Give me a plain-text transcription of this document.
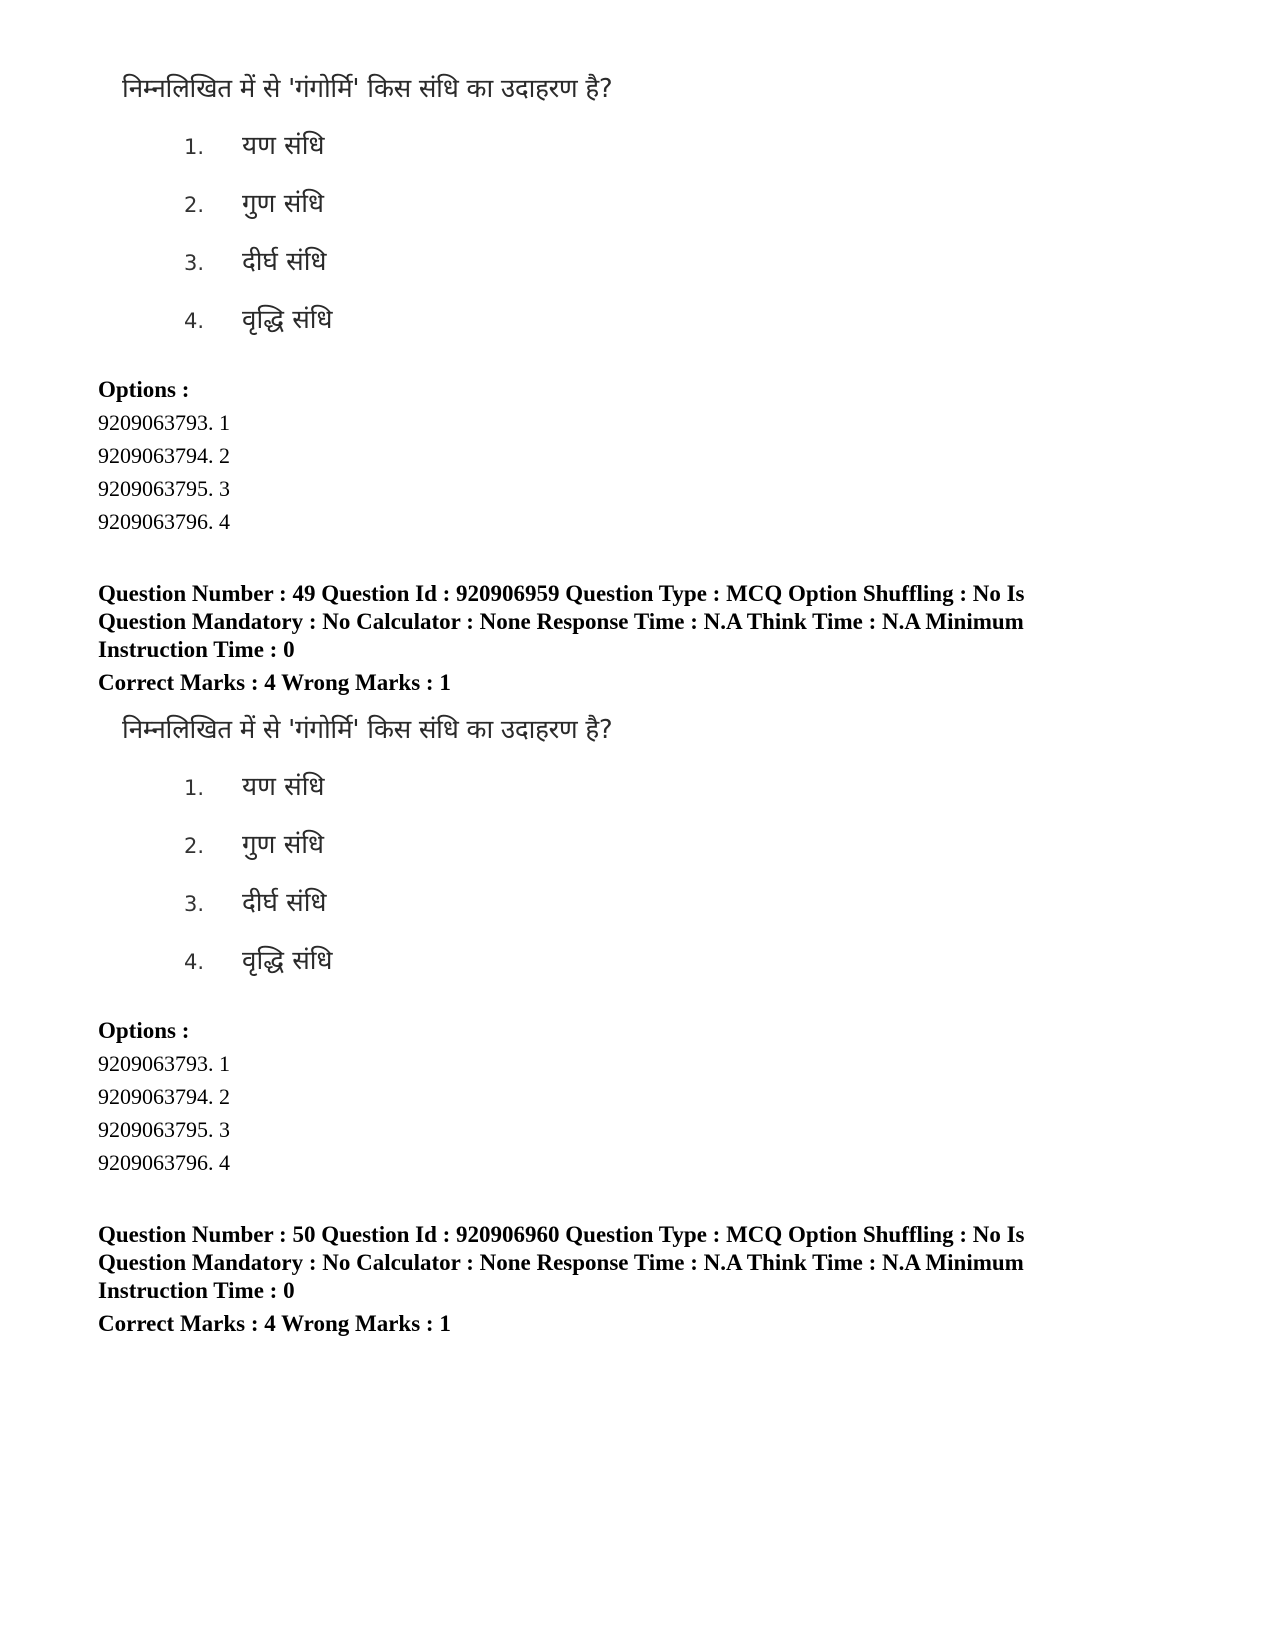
निम्नलिखित में से 'गंगोर्मि' किस संधि का उदाहरण है?
1.	यण संधि
2.	गुण संधि
3.	दीर्घ संधि
4.	वृद्धि संधि
Options :
9209063793. 1
9209063794. 2
9209063795. 3
9209063796. 4
Question Number : 49 Question Id : 920906959 Question Type : MCQ Option Shuffling : No Is
Question Mandatory : No Calculator : None Response Time : N.A Think Time : N.A Minimum
Instruction Time : 0
Correct Marks : 4 Wrong Marks : 1
निम्नलिखित में से 'गंगोर्मि' किस संधि का उदाहरण है?
1.	यण संधि
2.	गुण संधि
3.	दीर्घ संधि
4.	वृद्धि संधि
Options :
9209063793. 1
9209063794. 2
9209063795. 3
9209063796. 4
Question Number : 50 Question Id : 920906960 Question Type : MCQ Option Shuffling : No Is
Question Mandatory : No Calculator : None Response Time : N.A Think Time : N.A Minimum
Instruction Time : 0
Correct Marks : 4 Wrong Marks : 1
